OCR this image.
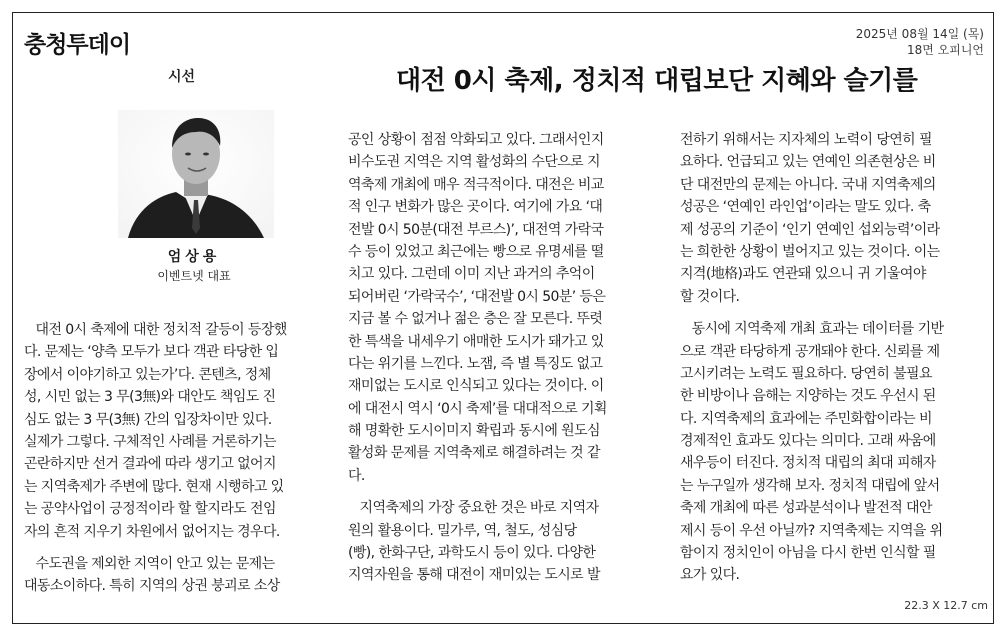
충청투데이	2025년 08월 14일 (목)
18면 오피니언
시선	대전 0시 축제, 정치적 대립보단 지혜와 슬기를
엄상용
이벤트넷 대표
대전 0시 축제에 대한 정치적 갈등이 등장했
다. 문제는 ‘양측 모두가 보다 객관 타당한 입
장에서 이야기하고 있는가’다. 콘텐츠, 정체
성, 시민 없는 3 무(3無)와 대안도 책임도 진
심도 없는 3 무(3無) 간의 입장차이만 있다.
실제가 그렇다. 구체적인 사례를 거론하기는
곤란하지만 선거 결과에 따라 생기고 없어지
는 지역축제가 주변에 많다. 현재 시행하고 있
는 공약사업이 긍정적이라 할 할지라도 전임
자의 흔적 지우기 차원에서 없어지는 경우다.
수도권을 제외한 지역이 안고 있는 문제는
대동소이하다. 특히 지역의 상권 붕괴로 소상
공인 상황이 점점 악화되고 있다. 그래서인지
비수도권 지역은 지역 활성화의 수단으로 지
역축제 개최에 매우 적극적이다. 대전은 비교
적 인구 변화가 많은 곳이다. 여기에 가요 ‘대
전발 0시 50분(대전 부르스)’, 대전역 가락국
수 등이 있었고 최근에는 빵으로 유명세를 떨
치고 있다. 그런데 이미 지난 과거의 추억이
되어버린 ‘가락국수’, ‘대전발 0시 50분’ 등은
지금 볼 수 없거나 젊은 층은 잘 모른다. 뚜렷
한 특색을 내세우기 애매한 도시가 돼가고 있
다는 위기를 느낀다. 노잼, 즉 별 특징도 없고
재미없는 도시로 인식되고 있다는 것이다. 이
에 대전시 역시 ‘0시 축제’를 대대적으로 기획
해 명확한 도시이미지 확립과 동시에 원도심
활성화 문제를 지역축제로 해결하려는 것 같
다.
지역축제의 가장 중요한 것은 바로 지역자
원의 활용이다. 밀가루, 역, 철도, 성심당
(빵), 한화구단, 과학도시 등이 있다. 다양한
지역자원을 통해 대전이 재미있는 도시로 발
전하기 위해서는 지자체의 노력이 당연히 필
요하다. 언급되고 있는 연예인 의존현상은 비
단 대전만의 문제는 아니다. 국내 지역축제의
성공은 ‘연예인 라인업’이라는 말도 있다. 축
제 성공의 기준이 ‘인기 연예인 섭외능력’이라
는 희한한 상황이 벌어지고 있는 것이다. 이는
지격(地格)과도 연관돼 있으니 귀 기울여야
할 것이다.
동시에 지역축제 개최 효과는 데이터를 기반
으로 객관 타당하게 공개돼야 한다. 신뢰를 제
고시키려는 노력도 필요하다. 당연히 불필요
한 비방이나 음해는 지양하는 것도 우선시 된
다. 지역축제의 효과에는 주민화합이라는 비
경제적인 효과도 있다는 의미다. 고래 싸움에
새우등이 터진다. 정치적 대립의 최대 피해자
는 누구일까 생각해 보자. 정치적 대립에 앞서
축제 개최에 따른 성과분석이나 발전적 대안
제시 등이 우선 아닐까? 지역축제는 지역을 위
함이지 정치인이 아님을 다시 한번 인식할 필
요가 있다.
22.3 X 12.7 cm
